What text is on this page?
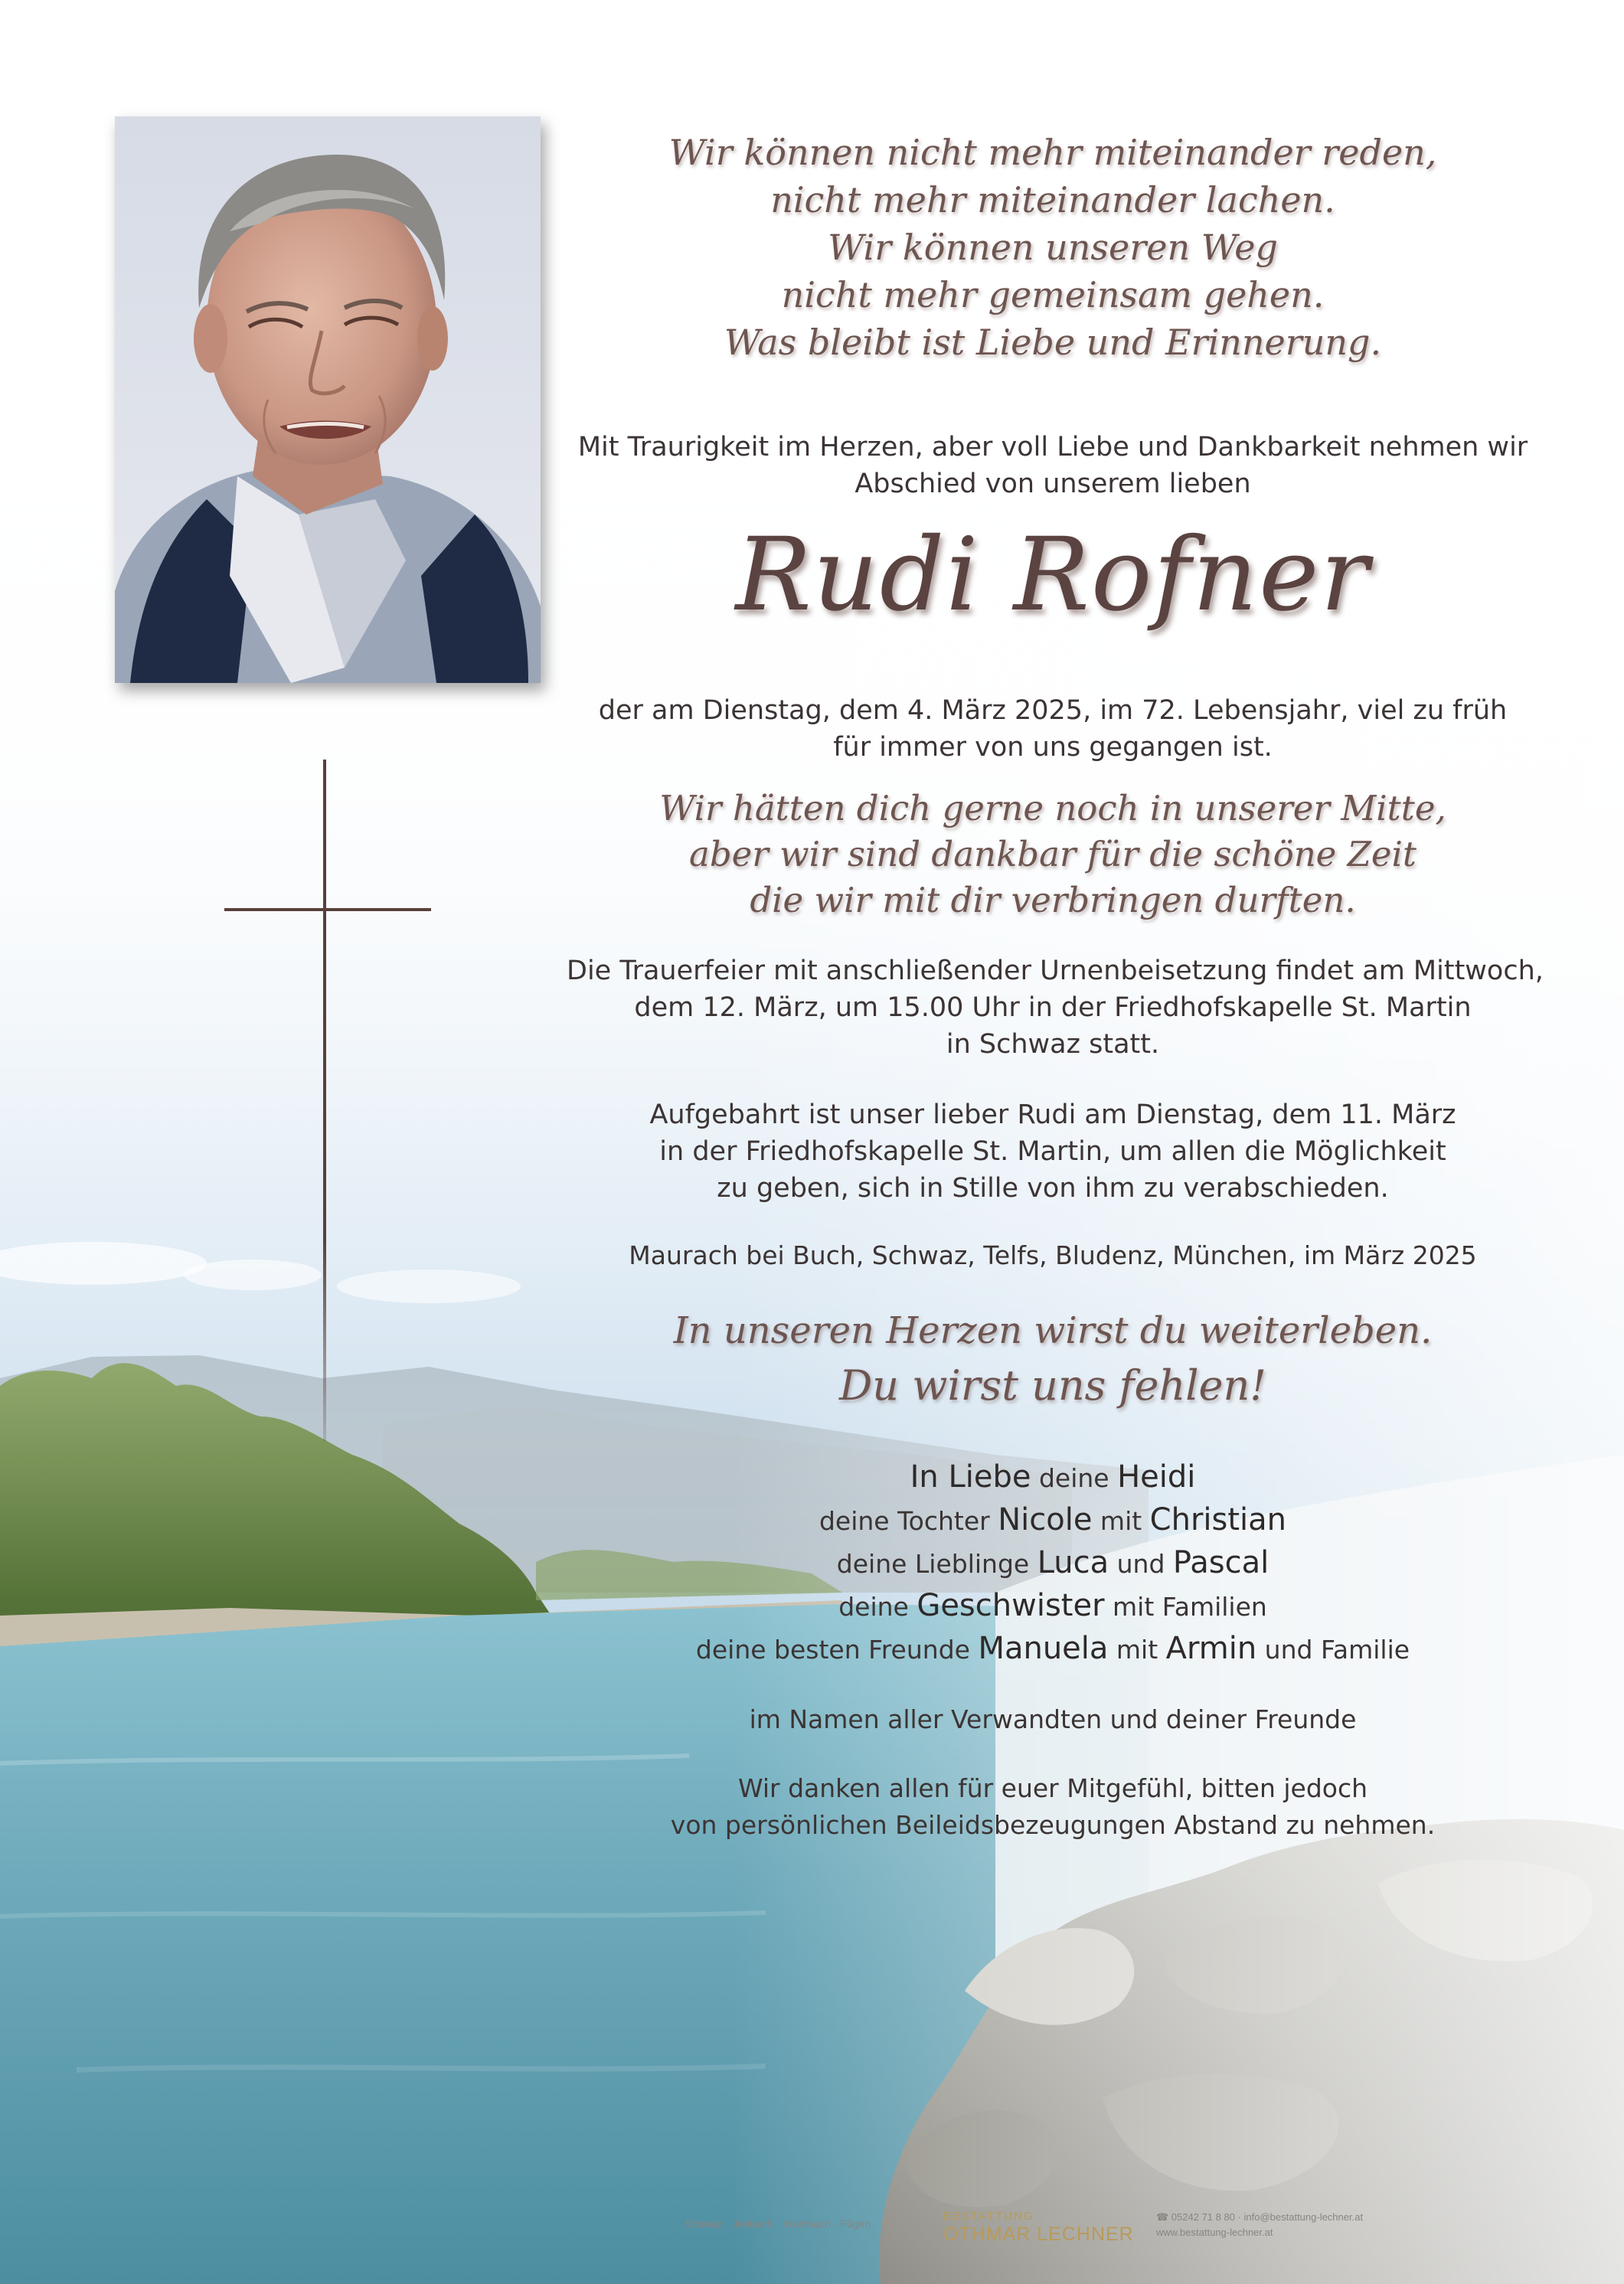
Wir können nicht mehr miteinander reden,
nicht mehr miteinander lachen.
Wir können unseren Weg
nicht mehr gemeinsam gehen.
Was bleibt ist Liebe und Erinnerung.
Mit Traurigkeit im Herzen, aber voll Liebe und Dankbarkeit nehmen wir
Abschied von unserem lieben
Rudi Rofner
der am Dienstag, dem 4. März 2025, im 72. Lebensjahr, viel zu früh
für immer von uns gegangen ist.
Wir hätten dich gerne noch in unserer Mitte,
aber wir sind dankbar für die schöne Zeit
die wir mit dir verbringen durften.
Die Trauerfeier mit anschließender Urnenbeisetzung findet am Mittwoch,
dem 12. März, um 15.00 Uhr in der Friedhofskapelle St. Martin
in Schwaz statt.
Aufgebahrt ist unser lieber Rudi am Dienstag, dem 11. März
in der Friedhofskapelle St. Martin, um allen die Möglichkeit
zu geben, sich in Stille von ihm zu verabschieden.
Maurach bei Buch, Schwaz, Telfs, Bludenz, München, im März 2025
In unseren Herzen wirst du weiterleben.
Du wirst uns fehlen!
In Liebe deine Heidi
deine Tochter Nicole mit Christian
deine Lieblinge Luca und Pascal
deine Geschwister mit Familien
deine besten Freunde Manuela mit Armin und Familie
im Namen aller Verwandten und deiner Freunde
Wir danken allen für euer Mitgefühl, bitten jedoch
von persönlichen Beileidsbezeugungen Abstand zu nehmen.
Schwaz · Jenbach · Kramsach · Fügen
BESTATTUNG
OTHMAR LECHNER
☎ 05242 71 8 80 · info@bestattung-lechner.at
www.bestattung-lechner.at
